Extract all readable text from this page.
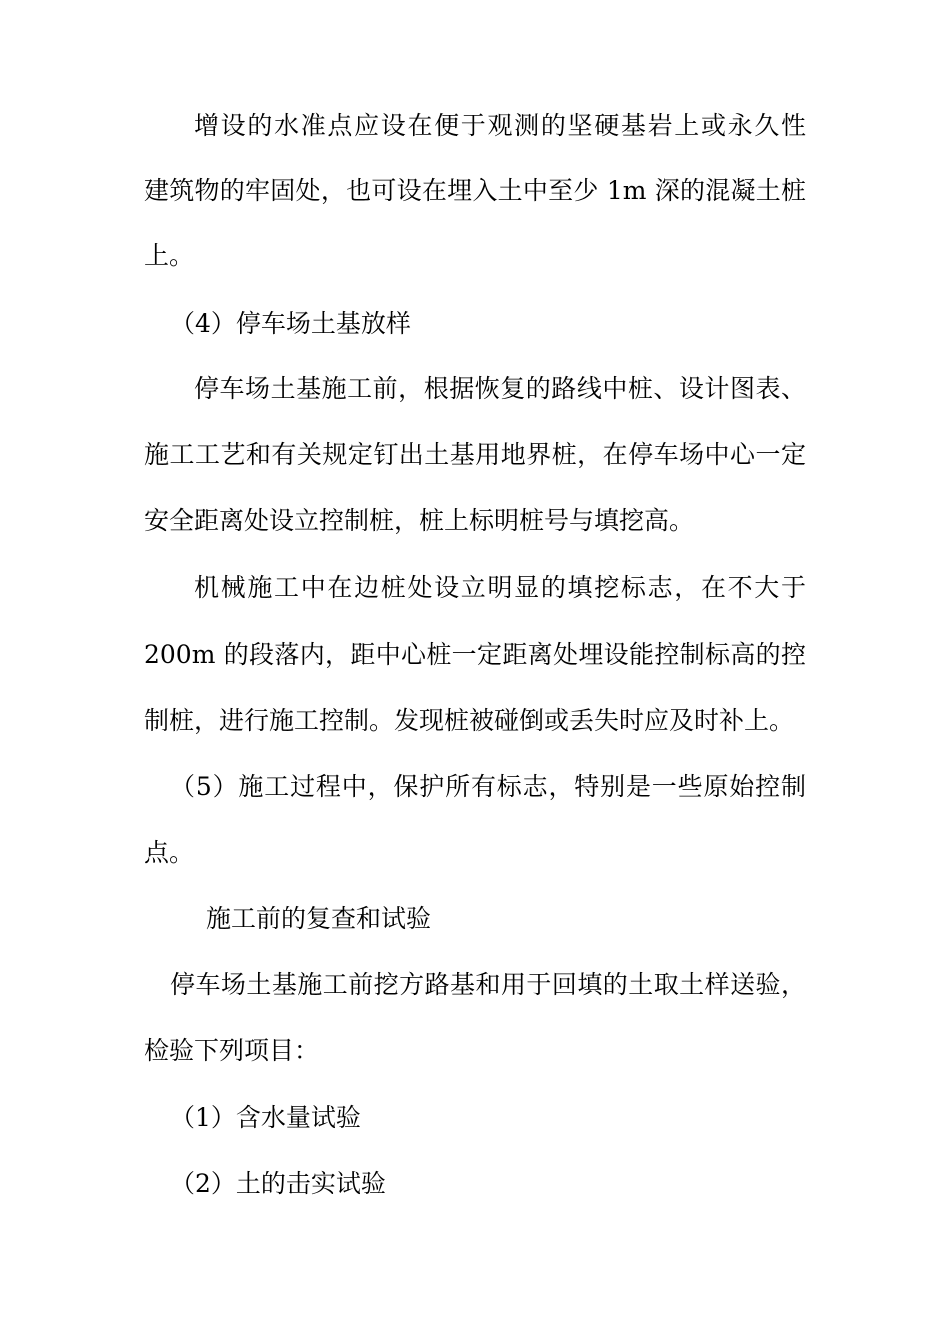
增设的水准点应设在便于观测的坚硬基岩上或永久性

建筑物的牢固处，也可设在埋入土中至少 1m 深的混凝土桩

上。

（4）停车场土基放样

停车场土基施工前，根据恢复的路线中桩、设计图表、

施工工艺和有关规定钉出土基用地界桩，在停车场中心一定

安全距离处设立控制桩，桩上标明桩号与填挖高。

机械施工中在边桩处设立明显的填挖标志，在不大于

200m 的段落内，距中心桩一定距离处埋设能控制标高的控

制桩，进行施工控制。发现桩被碰倒或丢失时应及时补上。

（5）施工过程中，保护所有标志，特别是一些原始控制

点。

施工前的复查和试验

停车场土基施工前挖方路基和用于回填的土取土样送验，

检验下列项目：

（1）含水量试验

（2）土的击实试验
